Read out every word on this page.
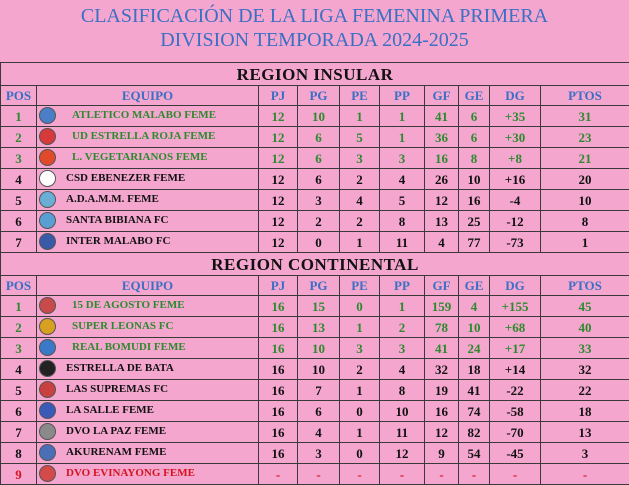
CLASIFICACIÓN DE LA LIGA FEMENINA PRIMERA
DIVISION TEMPORADA 2024-2025
REGION INSULAR									
POS	EQUIPO	PJ	PG	PE	PP	GF	GE	DG	PTOS
1	ATLETICO MALABO FEME	12	10	1	1	41	6	+35	31
2	UD ESTRELLA ROJA FEME	12	6	5	1	36	6	+30	23
3	L. VEGETARIANOS FEME	12	6	3	3	16	8	+8	21
4	CSD EBENEZER FEME	12	6	2	4	26	10	+16	20
5	A.D.A.M.M. FEME	12	3	4	5	12	16	-4	10
6	SANTA BIBIANA FC	12	2	2	8	13	25	-12	8
7	INTER MALABO FC	12	0	1	11	4	77	-73	1
REGION CONTINENTAL									
POS	EQUIPO	PJ	PG	PE	PP	GF	GE	DG	PTOS
1	15 DE AGOSTO FEME	16	15	0	1	159	4	+155	45
2	SUPER LEONAS FC	16	13	1	2	78	10	+68	40
3	REAL BOMUDI FEME	16	10	3	3	41	24	+17	33
4	ESTRELLA DE BATA	16	10	2	4	32	18	+14	32
5	LAS SUPREMAS FC	16	7	1	8	19	41	-22	22
6	LA SALLE FEME	16	6	0	10	16	74	-58	18
7	DVO LA PAZ FEME	16	4	1	11	12	82	-70	13
8	AKURENAM FEME	16	3	0	12	9	54	-45	3
9	DVO EVINAYONG FEME	-	-	-	-	-	-	-	-
